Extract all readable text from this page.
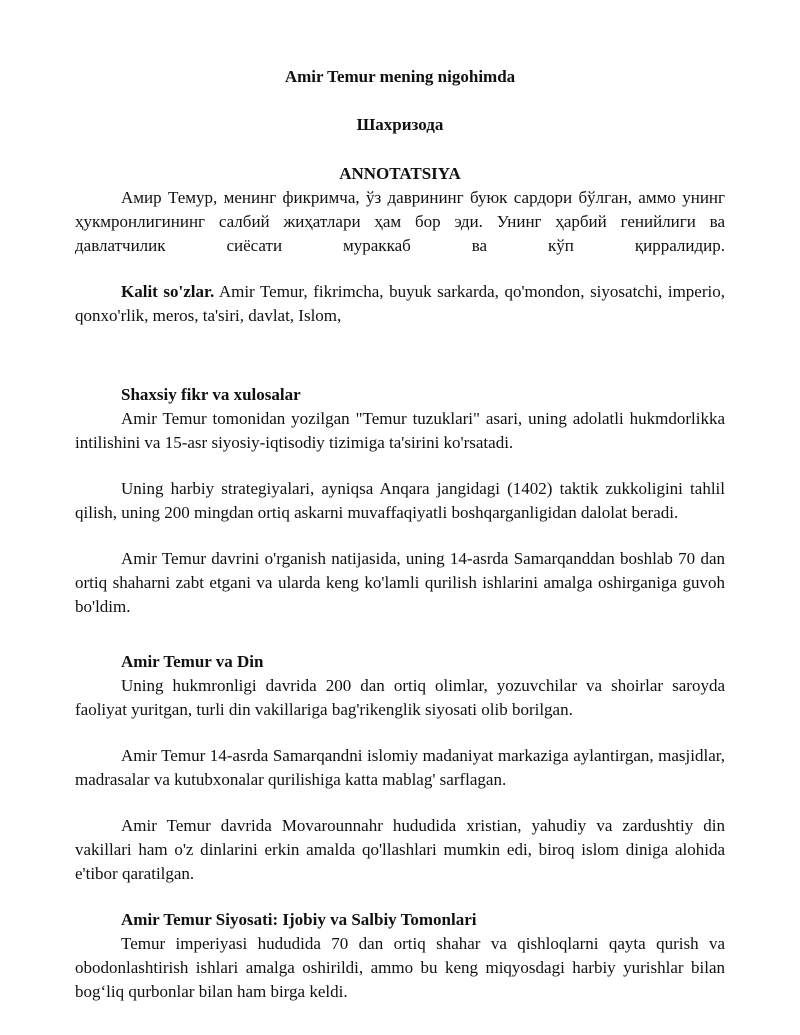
Amir Temur mening nigohimda
Шахризода
ANNOTATSIYA

Амир Темур, менинг фикримча, ўз даврининг буюк сардори бўлган, аммо унинг ҳукмронлигининг салбий жиҳатлари ҳам бор эди. Унинг ҳарбий генийлиги ва давлатчилик сиёсати мураккаб ва кўп қирралидир.

Kalit so'zlar. Amir Temur, fikrimcha, buyuk sarkarda, qo'mondon, siyosatchi, imperio, qonxo'rlik, meros, ta'siri, davlat, Islom,

Shaxsiy fikr va xulosalar

Amir Temur tomonidan yozilgan "Temur tuzuklari" asari, uning adolatli hukmdorlikka intilishini va 15-asr siyosiy-iqtisodiy tizimiga ta'sirini ko'rsatadi.

Uning harbiy strategiyalari, ayniqsa Anqara jangidagi (1402) taktik zukkoligini tahlil qilish, uning 200 mingdan ortiq askarni muvaffaqiyatli boshqarganligidan dalolat beradi.

Amir Temur davrini o'rganish natijasida, uning 14-asrda Samarqanddan boshlab 70 dan ortiq shaharni zabt etgani va ularda keng ko'lamli qurilish ishlarini amalga oshirganiga guvoh bo'ldim.

Amir Temur va Din

Uning hukmronligi davrida 200 dan ortiq olimlar, yozuvchilar va shoirlar saroyda faoliyat yuritgan, turli din vakillariga bag'rikenglik siyosati olib borilgan.

Amir Temur 14-asrda Samarqandni islomiy madaniyat markaziga aylantirgan, masjidlar, madrasalar va kutubxonalar qurilishiga katta mablag' sarflagan.

Amir Temur davrida Movarounnahr hududida xristian, yahudiy va zardushtiy din vakillari ham o'z dinlarini erkin amalda qo'llashlari mumkin edi, biroq islom diniga alohida e'tibor qaratilgan.

Amir Temur Siyosati: Ijobiy va Salbiy Tomonlari

Temur imperiyasi hududida 70 dan ortiq shahar va qishloqlarni qayta qurish va obodonlashtirish ishlari amalga oshirildi, ammo bu keng miqyosdagi harbiy yurishlar bilan bog‘liq qurbonlar bilan ham birga keldi.
